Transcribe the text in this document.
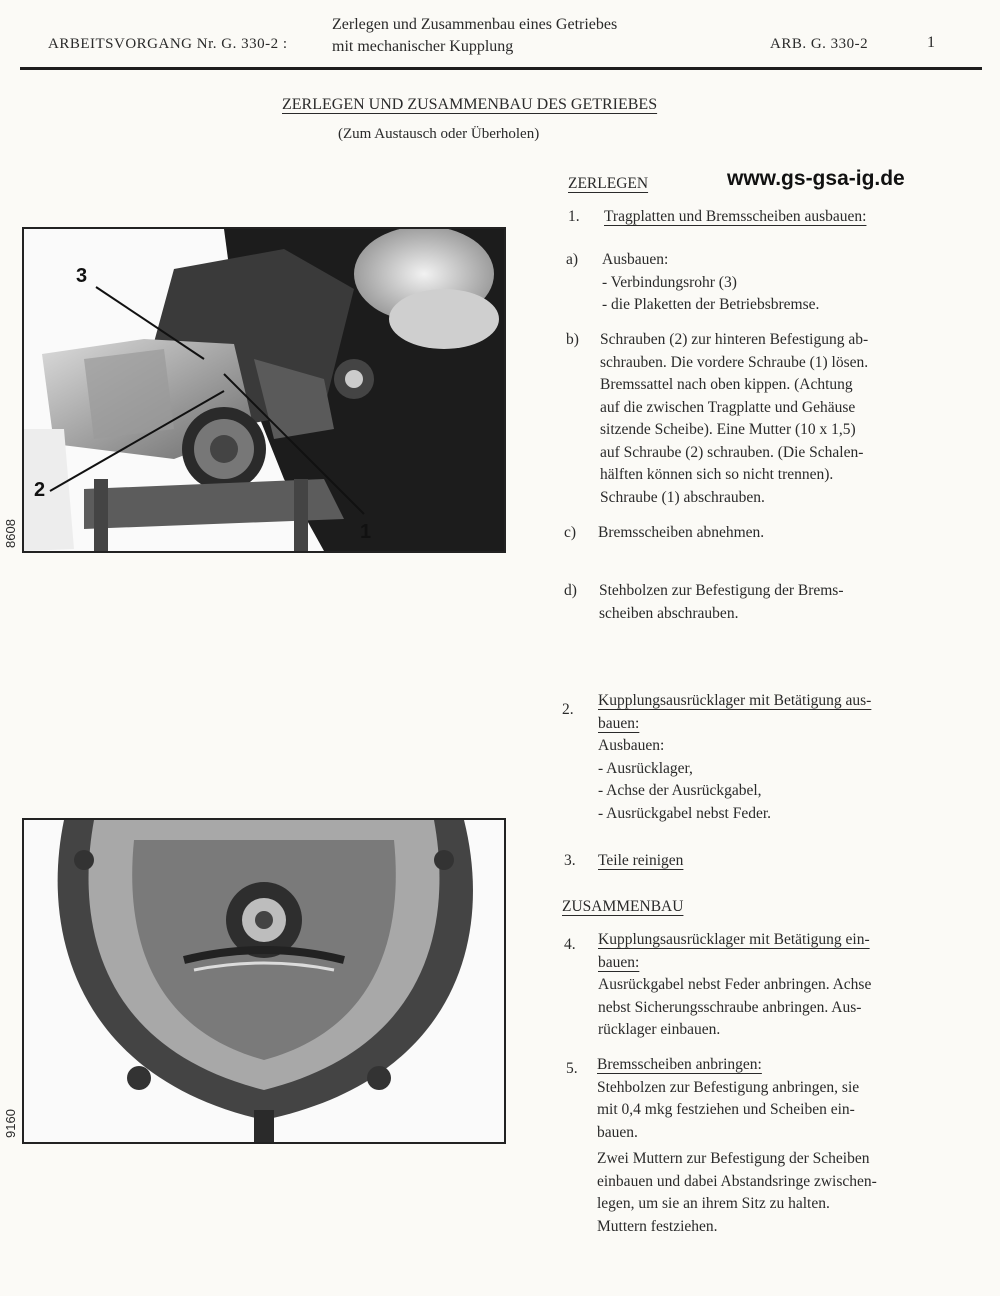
ARBEITSVORGANG Nr. G. 330-2 :
Zerlegen und Zusammenbau eines Getriebes
mit mechanischer Kupplung	ARB. G. 330-2	1
ZERLEGEN UND ZUSAMMENBAU DES GETRIEBES
(Zum Austausch oder Überholen)
www.gs-gsa-ig.de
3
2
1
8608
9160
ZERLEGEN
1. Tragplatten und Bremsscheiben ausbauen:
a) Ausbauen:
- Verbindungsrohr (3)
- die Plaketten der Betriebsbremse.
b) Schrauben (2) zur hinteren Befestigung ab-
schrauben. Die vordere Schraube (1) lösen.
Bremssattel nach oben kippen. (Achtung
auf die zwischen Tragplatte und Gehäuse
sitzende Scheibe). Eine Mutter (10 x 1,5)
auf Schraube (2) schrauben. (Die Schalen-
hälften können sich so nicht trennen).
Schraube (1) abschrauben.
c) Bremsscheiben abnehmen.
d) Stehbolzen zur Befestigung der Brems-
scheiben abschrauben.
2.
Kupplungsausrücklager mit Betätigung aus-
bauen:
Ausbauen:
- Ausrücklager,
- Achse der Ausrückgabel,
- Ausrückgabel nebst Feder.
3. Teile reinigen
ZUSAMMENBAU
4. Kupplungsausrücklager mit Betätigung ein-
bauen:
Ausrückgabel nebst Feder anbringen. Achse
nebst Sicherungsschraube anbringen. Aus-
rücklager einbauen.
5. Bremsscheiben anbringen:
Stehbolzen zur Befestigung anbringen, sie
mit 0,4 mkg festziehen und Scheiben ein-
bauen.
Zwei Muttern zur Befestigung der Scheiben
einbauen und dabei Abstandsringe zwischen-
legen, um sie an ihrem Sitz zu halten.
Muttern festziehen.
